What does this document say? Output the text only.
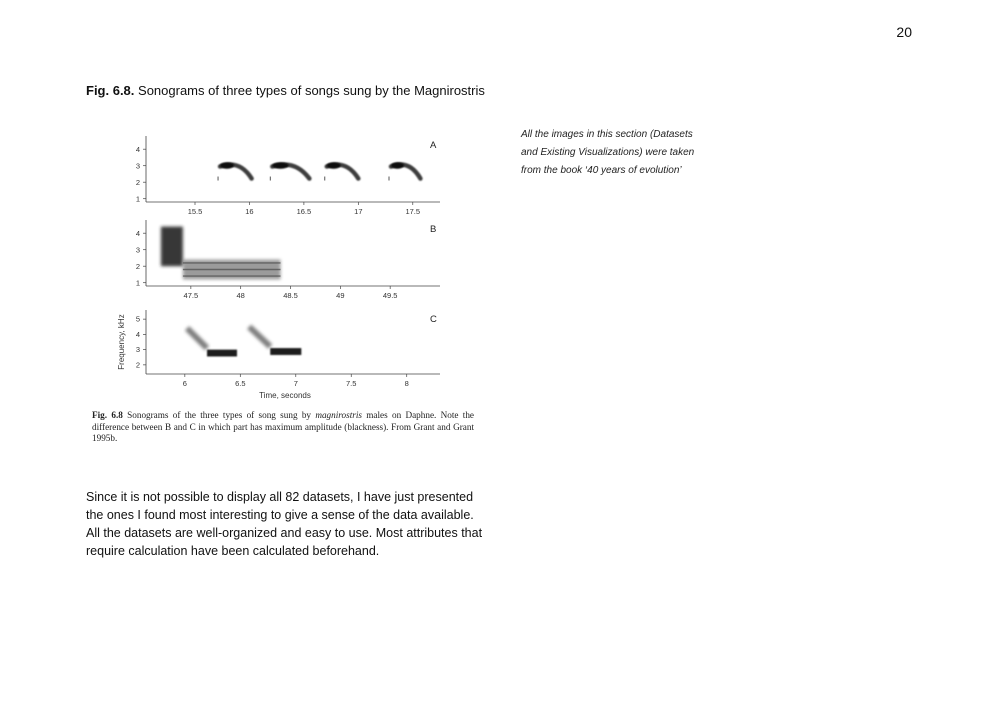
20
Fig. 6.8. Sonograms of three types of songs sung by the Magnirostris
All the images in this section (Datasets and Existing Visualizations) were taken from the book ‘40 years of evolution’
15.5	16	16.5	17	17.5
1
2
3
4	A
47.5	48	48.5	49	49.5
1
2
3
4	B
6	6.5	7	7.5	8
2
3
4
5	C
Frequency, kHz
Time, seconds
Fig. 6.8 Sonograms of the three types of song sung by magnirostris males on Daphne. Note the difference between B and C in which part has maximum amplitude (blackness). From Grant and Grant 1995b.
Since it is not possible to display all 82 datasets, I have just presented the ones I found most interesting to give a sense of the data available. All the datasets are well-organized and easy to use. Most attributes that require calculation have been calculated beforehand.
